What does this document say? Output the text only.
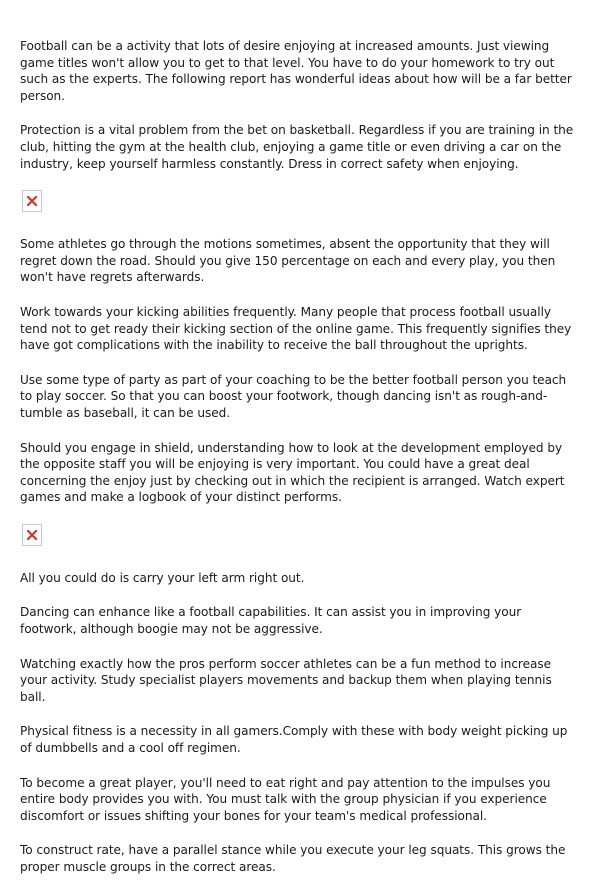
Football can be a activity that lots of desire enjoying at increased amounts. Just viewing game titles won't allow you to get to that level. You have to do your homework to try out such as the experts. The following report has wonderful ideas about how will be a far better person.

Protection is a vital problem from the bet on basketball. Regardless if you are training in the club, hitting the gym at the health club, enjoying a game title or even driving a car on the industry, keep yourself harmless constantly. Dress in correct safety when enjoying.

Some athletes go through the motions sometimes, absent the opportunity that they will regret down the road. Should you give 150 percentage on each and every play, you then won't have regrets afterwards.

Work towards your kicking abilities frequently. Many people that process football usually tend not to get ready their kicking section of the online game. This frequently signifies they have got complications with the inability to receive the ball throughout the uprights.

Use some type of party as part of your coaching to be the better football person you teach to play soccer. So that you can boost your footwork, though dancing isn't as rough-and-tumble as baseball, it can be used.

Should you engage in shield, understanding how to look at the development employed by the opposite staff you will be enjoying is very important. You could have a great deal concerning the enjoy just by checking out in which the recipient is arranged. Watch expert games and make a logbook of your distinct performs.

All you could do is carry your left arm right out.

Dancing can enhance like a football capabilities. It can assist you in improving your footwork, although boogie may not be aggressive.

Watching exactly how the pros perform soccer athletes can be a fun method to increase your activity. Study specialist players movements and backup them when playing tennis ball.

Physical fitness is a necessity in all gamers.Comply with these with body weight picking up of dumbbells and a cool off regimen.

To become a great player, you'll need to eat right and pay attention to the impulses you entire body provides you with. You must talk with the group physician if you experience discomfort or issues shifting your bones for your team's medical professional.

To construct rate, have a parallel stance while you execute your leg squats. This grows the proper muscle groups in the correct areas.
